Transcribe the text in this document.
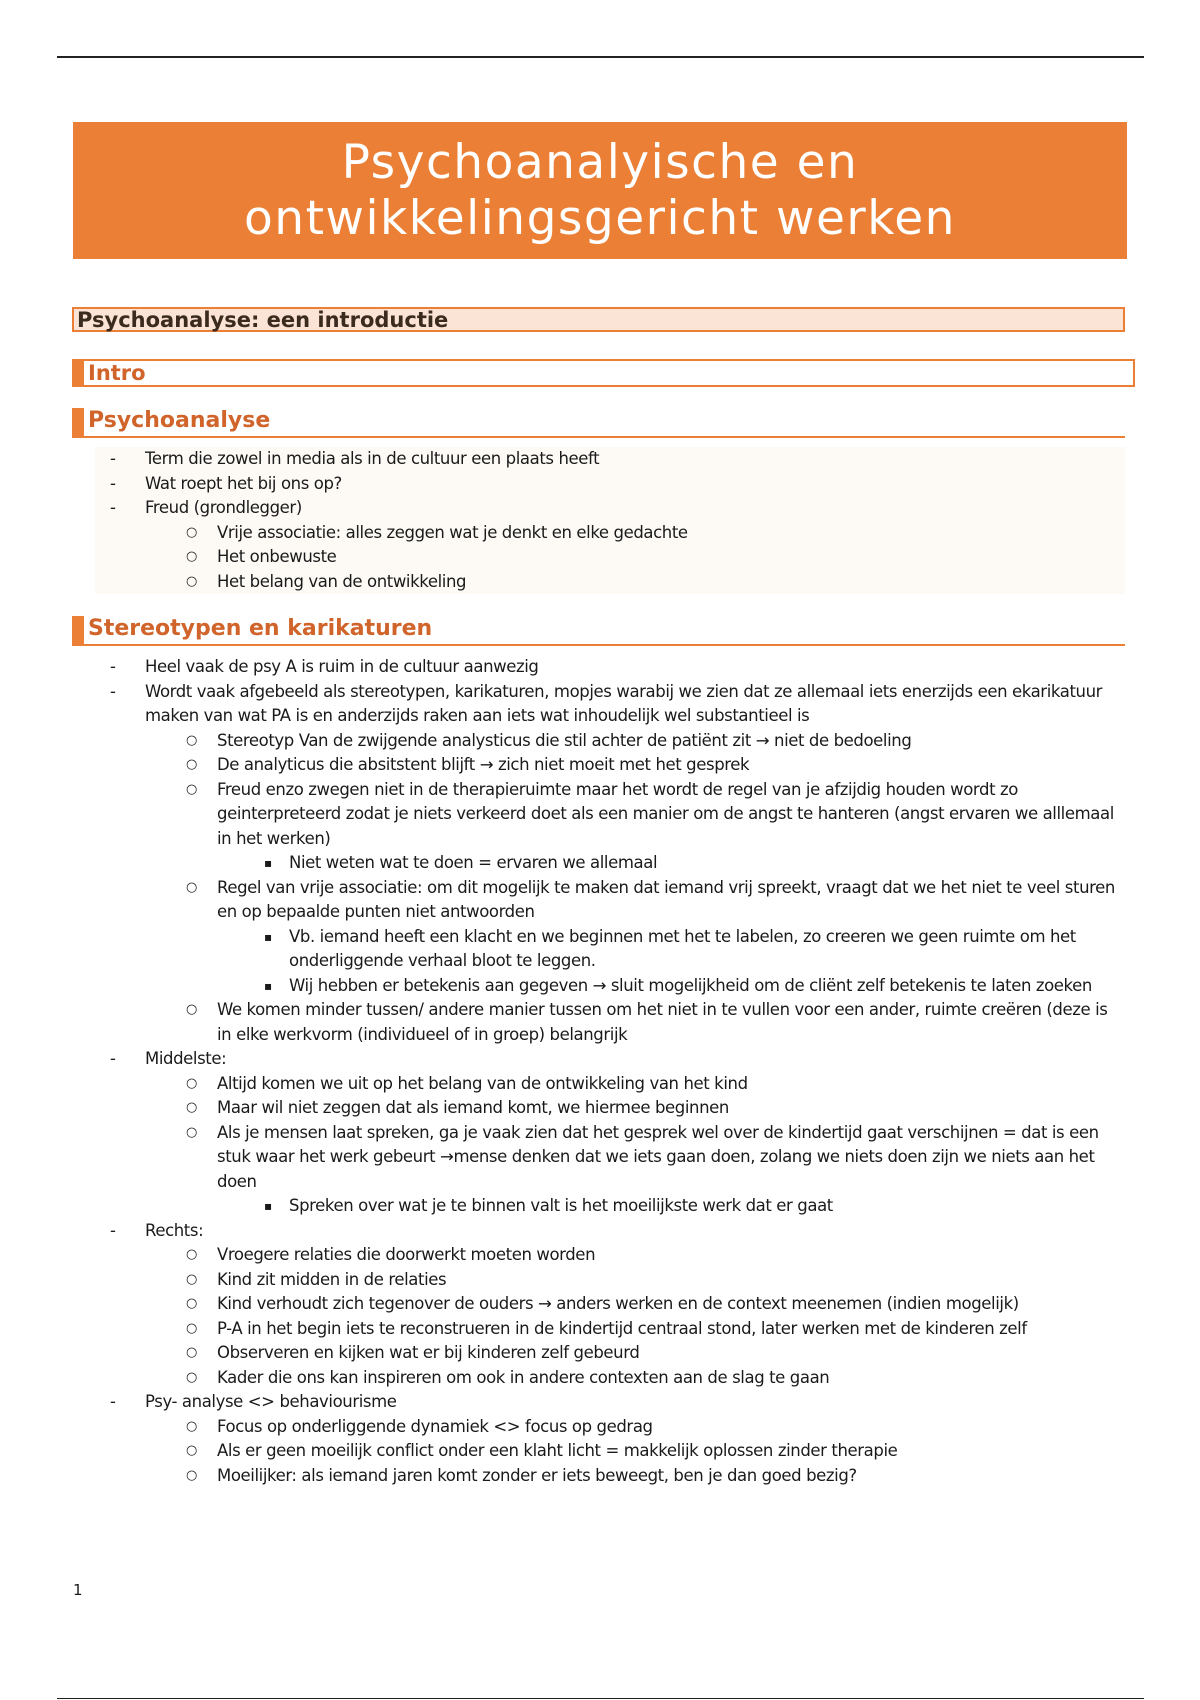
Psychoanalyische en
ontwikkelingsgericht werken
Psychoanalyse: een introductie
Intro
Psychoanalyse
- Term die zowel in media als in de cultuur een plaats heeft
- Wat roept het bij ons op?
- Freud (grondlegger)
○ Vrije associatie: alles zeggen wat je denkt en elke gedachte
○ Het onbewuste
○ Het belang van de ontwikkeling
Stereotypen en karikaturen
- Heel vaak de psy A is ruim in de cultuur aanwezig
- Wordt vaak afgebeeld als stereotypen, karikaturen, mopjes warabij we zien dat ze allemaal iets enerzijds een ekarikatuur maken van wat PA is en anderzijds raken aan iets wat inhoudelijk wel substantieel is
○ Stereotyp Van de zwijgende analysticus die stil achter de patiënt zit → niet de bedoeling
○ De analyticus die absitstent blijft → zich niet moeit met het gesprek
○ Freud enzo zwegen niet in de therapieruimte maar het wordt de regel van je afzijdig houden wordt zo geinterpreteerd zodat je niets verkeerd doet als een manier om de angst te hanteren (angst ervaren we alllemaal in het werken)
▪ Niet weten wat te doen = ervaren we allemaal
○ Regel van vrije associatie: om dit mogelijk te maken dat iemand vrij spreekt, vraagt dat we het niet te veel sturen en op bepaalde punten niet antwoorden
▪ Vb. iemand heeft een klacht en we beginnen met het te labelen, zo creeren we geen ruimte om het onderliggende verhaal bloot te leggen.
▪ Wij hebben er betekenis aan gegeven → sluit mogelijkheid om de cliënt zelf betekenis te laten zoeken
○ We komen minder tussen/ andere manier tussen om het niet in te vullen voor een ander, ruimte creëren (deze is in elke werkvorm (individueel of in groep) belangrijk
- Middelste:
○ Altijd komen we uit op het belang van de ontwikkeling van het kind
○ Maar wil niet zeggen dat als iemand komt, we hiermee beginnen
○ Als je mensen laat spreken, ga je vaak zien dat het gesprek wel over de kindertijd gaat verschijnen = dat is een stuk waar het werk gebeurt →mense denken dat we iets gaan doen, zolang we niets doen zijn we niets aan het doen
▪ Spreken over wat je te binnen valt is het moeilijkste werk dat er gaat
- Rechts:
○ Vroegere relaties die doorwerkt moeten worden
○ Kind zit midden in de relaties
○ Kind verhoudt zich tegenover de ouders → anders werken en de context meenemen (indien mogelijk)
○ P-A in het begin iets te reconstrueren in de kindertijd centraal stond, later werken met de kinderen zelf
○ Observeren en kijken wat er bij kinderen zelf gebeurd
○ Kader die ons kan inspireren om ook in andere contexten aan de slag te gaan
- Psy- analyse <> behaviourisme
○ Focus op onderliggende dynamiek <> focus op gedrag
○ Als er geen moeilijk conflict onder een klaht licht = makkelijk oplossen zinder therapie
○ Moeilijker: als iemand jaren komt zonder er iets beweegt, ben je dan goed bezig?
1
